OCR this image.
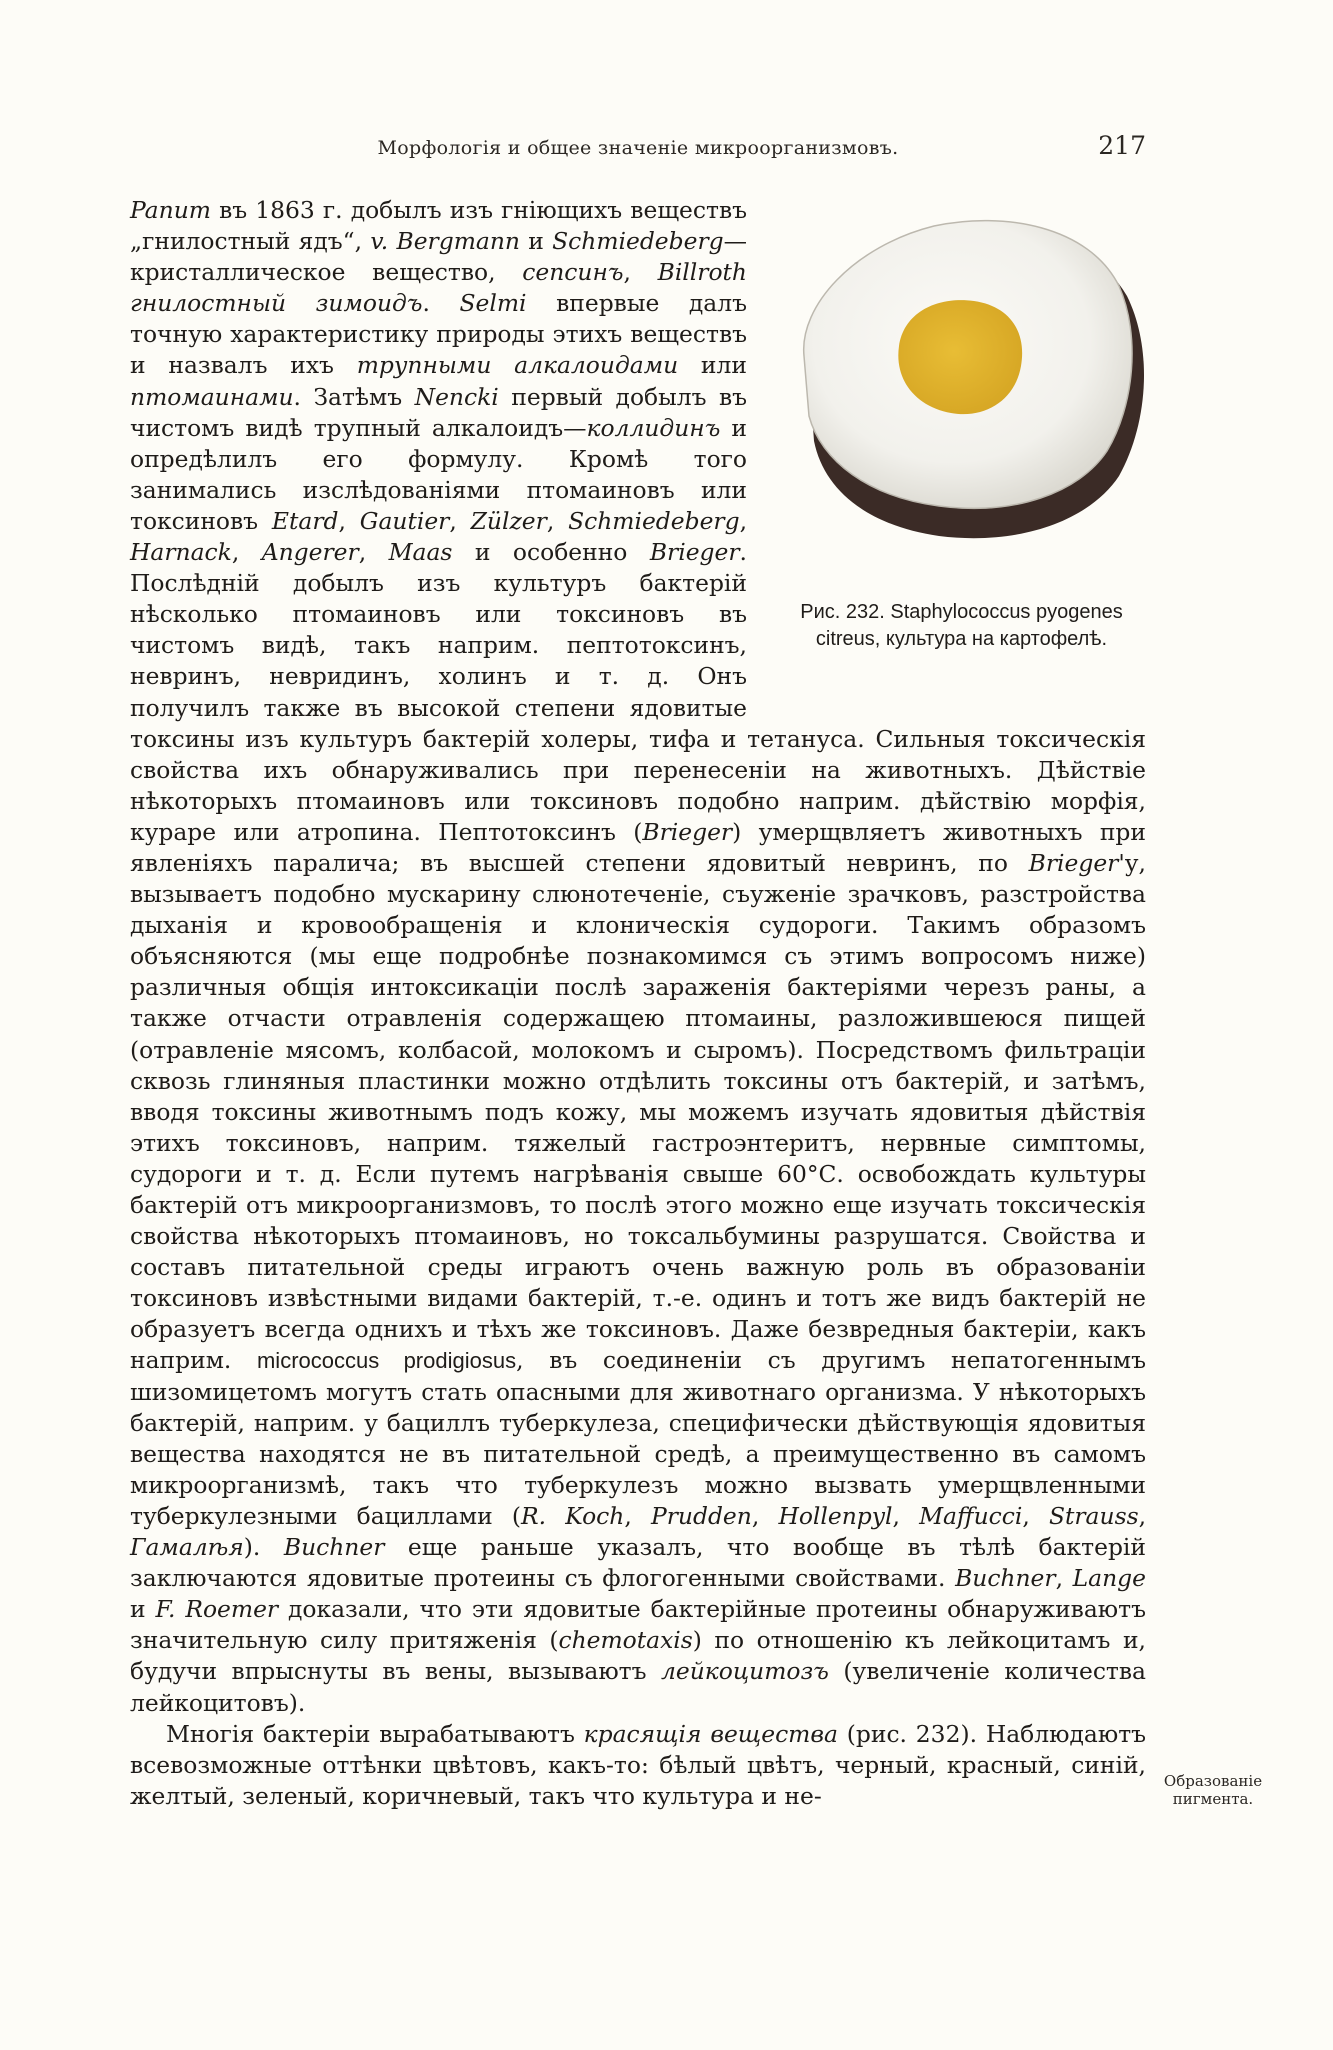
Морфологія и общее значеніе микроорганизмовъ.	217
Рис. 232. Staphylococcus pyogenes
citreus, культура на картофелѣ.

Panum въ 1863 г. добылъ изъ гніющихъ веществъ „гнилостный ядъ“, v. Bergmann и Schmiedeberg—кристаллическое вещество, сепсинъ, Billroth гнилостный зимоидъ. Selmi впервые далъ точную характеристику природы этихъ веществъ и назвалъ ихъ трупными алкалоидами или птомаинами. Затѣмъ Nencki первый добылъ въ чистомъ видѣ трупный алкалоидъ—коллидинъ и опредѣлилъ его формулу. Кромѣ того занимались изслѣдованіями птомаиновъ или токсиновъ Etard, Gautier, Zülzer, Schmiedeberg, Harnack, Angerer, Maas и особенно Brieger. Послѣдній добылъ изъ культуръ бактерій нѣсколько птомаиновъ или токсиновъ въ чистомъ видѣ, такъ наприм. пептотоксинъ, невринъ, невридинъ, холинъ и т. д. Онъ получилъ также въ высокой степени ядовитые токсины изъ культуръ бактерій холеры, тифа и тетануса. Сильныя токсическія свойства ихъ обнаруживались при перенесеніи на животныхъ. Дѣйствіе нѣкоторыхъ птомаиновъ или токсиновъ подобно наприм. дѣйствію морфія, кураре или атропина. Пептотоксинъ (Brieger) умерщвляетъ животныхъ при явленіяхъ паралича; въ высшей степени ядовитый невринъ, по Brieger'у, вызываетъ подобно мускарину слюнотеченіе, съуженіе зрачковъ, разстройства дыханія и кровообращенія и клоническія судороги. Такимъ образомъ объясняются (мы еще подробнѣе познакомимся съ этимъ вопросомъ ниже) различныя общія интоксикаціи послѣ зараженія бактеріями черезъ раны, а также отчасти отравленія содержащею птомаины, разложившеюся пищей (отравленіе мясомъ, колбасой, молокомъ и сыромъ). Посредствомъ фильтраціи сквозь глиняныя пластинки можно отдѣлить токсины отъ бактерій, и затѣмъ, вводя токсины животнымъ подъ кожу, мы можемъ изучать ядовитыя дѣйствія этихъ токсиновъ, наприм. тяжелый гастроэнтеритъ, нервные симптомы, судороги и т. д. Если путемъ нагрѣванія свыше 60°С. освобождать культуры бактерій отъ микроорганизмовъ, то послѣ этого можно еще изучать токсическія свойства нѣкоторыхъ птомаиновъ, но токсальбумины разрушатся. Свойства и составъ питательной среды играютъ очень важную роль въ образованіи токсиновъ извѣстными видами бактерій, т.-е. одинъ и тотъ же видъ бактерій не образуетъ всегда однихъ и тѣхъ же токсиновъ. Даже безвредныя бактеріи, какъ наприм. micrococcus prodigiosus, въ соединеніи съ другимъ непатогеннымъ шизомицетомъ могутъ стать опасными для животнаго организма. У нѣкоторыхъ бактерій, наприм. у бациллъ туберкулеза, специфически дѣйствующія ядовитыя вещества находятся не въ питательной средѣ, а преимущественно въ самомъ микроорганизмѣ, такъ что туберкулезъ можно вызвать умерщвленными туберкулезными бациллами (R. Koch, Prudden, Hollenpyl, Maffucci, Strauss, Гамалѣя). Buchner еще раньше указалъ, что вообще въ тѣлѣ бактерій заключаются ядовитые протеины съ флогогенными свойствами. Buchner, Lange и F. Roemer доказали, что эти ядовитые бактерійные протеины обнаруживаютъ значительную силу притяженія (chemotaxis) по отношенію къ лейкоцитамъ и, будучи впрыснуты въ вены, вызываютъ лейкоцитозъ (увеличеніе количества лейкоцитовъ).

Многія бактеріи вырабатываютъ красящія вещества (рис. 232). Наблюдаютъ всевозможные оттѣнки цвѣтовъ, какъ-то: бѣлый цвѣтъ, черный, красный, синій, желтый, зеленый, коричневый, такъ что культура и не-

Образованіе
пигмента.
